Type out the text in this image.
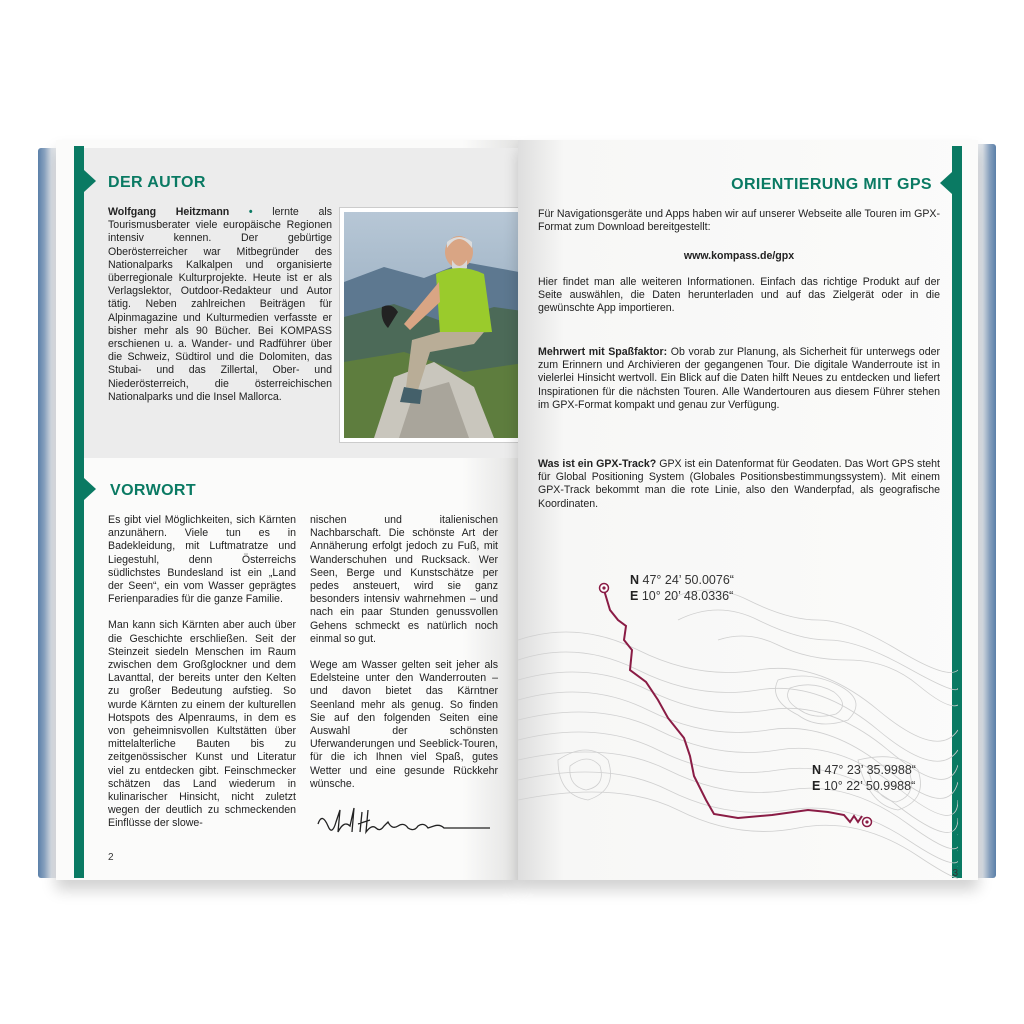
DER AUTOR
Wolfgang Heitzmann • lernte als Tourismusberater viele europäische Regionen intensiv kennen. Der gebürtige Oberösterreicher war Mitbegründer des Nationalparks Kalkalpen und organisierte überregionale Kulturprojekte. Heute ist er als Verlagslektor, Outdoor-Redakteur und Autor tätig. Neben zahlreichen Beiträgen für Alpinmagazine und Kulturmedien verfasste er bisher mehr als 90 Bücher. Bei KOMPASS erschienen u. a. Wander- und Radführer über die Schweiz, Südtirol und die Dolomiten, das Stubai- und das Zillertal, Ober- und Niederösterreich, die österreichischen Nationalparks und die Insel Mallorca.
VORWORT
Es gibt viel Möglichkeiten, sich Kärnten anzunähern. Viele tun es in Badekleidung, mit Luftmatratze und Liegestuhl, denn Österreichs südlichstes Bundesland ist ein „Land der Seen“, ein vom Wasser geprägtes Ferienparadies für die ganze Familie.
Man kann sich Kärnten aber auch über die Geschichte erschließen. Seit der Steinzeit siedeln Menschen im Raum zwischen dem Großglockner und dem Lavanttal, der bereits unter den Kelten zu großer Bedeutung aufstieg. So wurde Kärnten zu einem der kulturellen Hotspots des Alpenraums, in dem es von geheimnisvollen Kultstätten über mittelalterliche Bauten bis zu zeitgenössischer Kunst und Literatur viel zu entdecken gibt. Feinschmecker schätzen das Land wiederum in kulinarischer Hinsicht, nicht zuletzt wegen der deutlich zu schmeckenden Einflüsse der slowe-
nischen und italienischen Nachbarschaft. Die schönste Art der Annäherung erfolgt jedoch zu Fuß, mit Wanderschuhen und Rucksack. Wer Seen, Berge und Kunstschätze per pedes ansteuert, wird sie ganz besonders intensiv wahrnehmen – und nach ein paar Stunden genussvollen Gehens schmeckt es natürlich noch einmal so gut.
Wege am Wasser gelten seit jeher als Edelsteine unter den Wanderrouten – und davon bietet das Kärntner Seenland mehr als genug. So finden Sie auf den folgenden Seiten eine Auswahl der schönsten Uferwanderungen und Seeblick-Touren, für die ich Ihnen viel Spaß, gutes Wetter und eine gesunde Rückkehr wünsche.
2
ORIENTIERUNG MIT GPS
Für Navigationsgeräte und Apps haben wir auf unserer Webseite alle Touren im GPX-Format zum Download bereitgestellt:
www.kompass.de/gpx
Hier findet man alle weiteren Informationen. Einfach das richtige Produkt auf der Seite auswählen, die Daten herunterladen und auf das Zielgerät oder in die gewünschte App importieren.
Mehrwert mit Spaßfaktor: Ob vorab zur Planung, als Sicherheit für unterwegs oder zum Erinnern und Archivieren der gegangenen Tour. Die digitale Wanderroute ist in vielerlei Hinsicht wertvoll. Ein Blick auf die Daten hilft Neues zu entdecken und liefert Inspirationen für die nächsten Touren. Alle Wandertouren aus diesem Führer stehen im GPX-Format kompakt und genau zur Verfügung.
Was ist ein GPX-Track? GPX ist ein Datenformat für Geodaten. Das Wort GPS steht für Global Positioning System (Globales Positionsbestimmungssystem). Mit einem GPX-Track bekommt man die rote Linie, also den Wanderpfad, als geografische Koordinaten.
N 47° 24’ 50.0076“
E 10° 20’ 48.0336“
N 47° 23’ 35.9988“
E 10° 22’ 50.9988“
3
